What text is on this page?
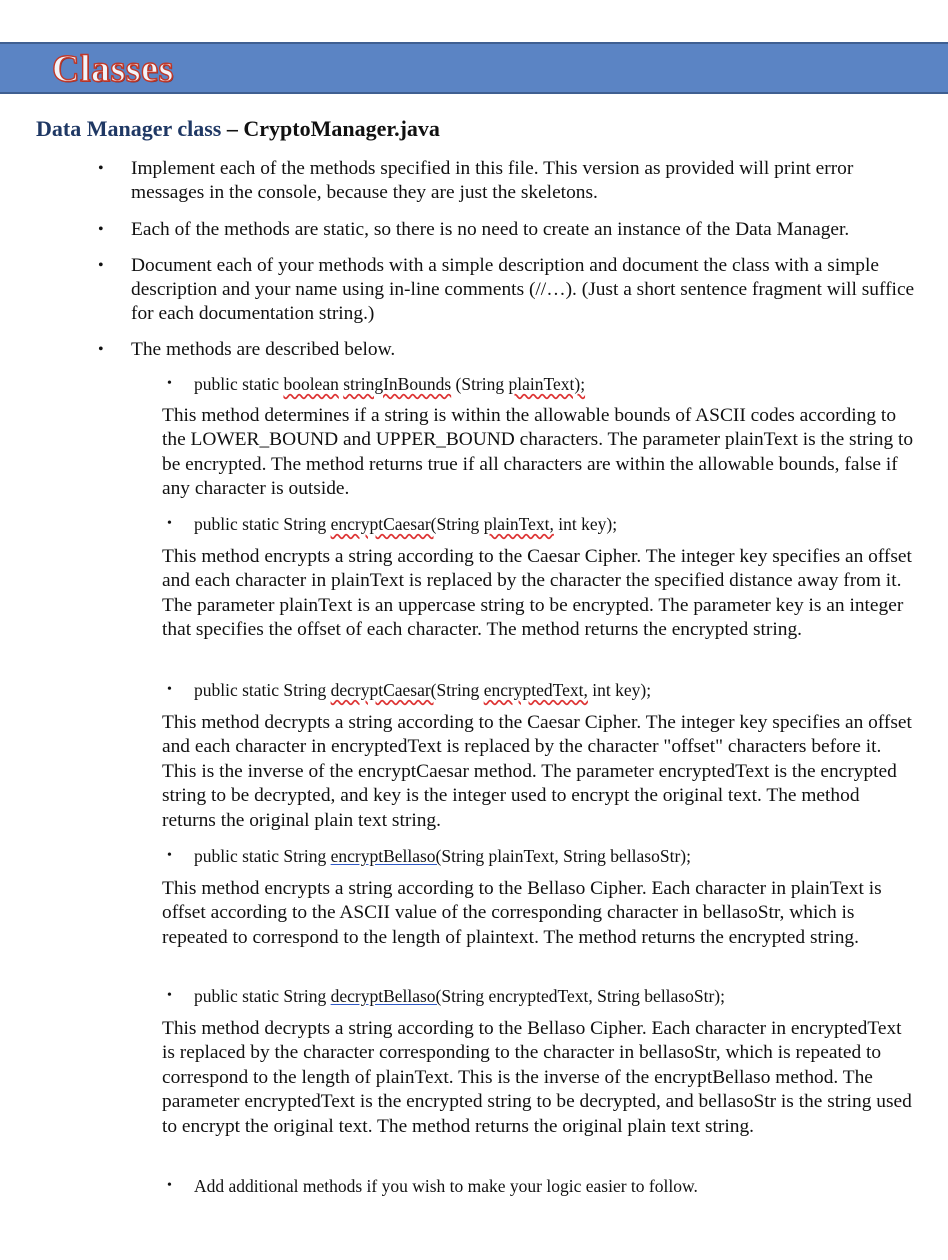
Classes
Data Manager class – CryptoManager.java
• Implement each of the methods specified in this file. This version as provided will print error messages in the console, because they are just the skeletons.
• Each of the methods are static, so there is no need to create an instance of the Data Manager.
• Document each of your methods with a simple description and document the class with a simple description and your name using in-line comments (//…). (Just a short sentence fragment will suffice for each documentation string.)
• The methods are described below.
• public static boolean stringInBounds (String plainText);
This method determines if a string is within the allowable bounds of ASCII codes according to the LOWER_BOUND and UPPER_BOUND characters. The parameter plainText is the string to be encrypted. The method returns true if all characters are within the allowable bounds, false if any character is outside.
• public static String encryptCaesar(String plainText, int key);
This method encrypts a string according to the Caesar Cipher. The integer key specifies an offset and each character in plainText is replaced by the character the specified distance away from it. The parameter plainText is an uppercase string to be encrypted. The parameter key is an integer that specifies the offset of each character. The method returns the encrypted string.
• public static String decryptCaesar(String encryptedText, int key);
This method decrypts a string according to the Caesar Cipher. The integer key specifies an offset and each character in encryptedText is replaced by the character "offset" characters before it. This is the inverse of the encryptCaesar method. The parameter encryptedText is the encrypted string to be decrypted, and key is the integer used to encrypt the original text. The method returns the original plain text string.
• public static String encryptBellaso(String plainText, String bellasoStr);
This method encrypts a string according to the Bellaso Cipher. Each character in plainText is offset according to the ASCII value of the corresponding character in bellasoStr, which is repeated to correspond to the length of plaintext. The method returns the encrypted string.
• public static String decryptBellaso(String encryptedText, String bellasoStr);
This method decrypts a string according to the Bellaso Cipher. Each character in encryptedText is replaced by the character corresponding to the character in bellasoStr, which is repeated to correspond to the length of plainText. This is the inverse of the encryptBellaso method. The parameter encryptedText is the encrypted string to be decrypted, and bellasoStr is the string used to encrypt the original text. The method returns the original plain text string.
• Add additional methods if you wish to make your logic easier to follow.
